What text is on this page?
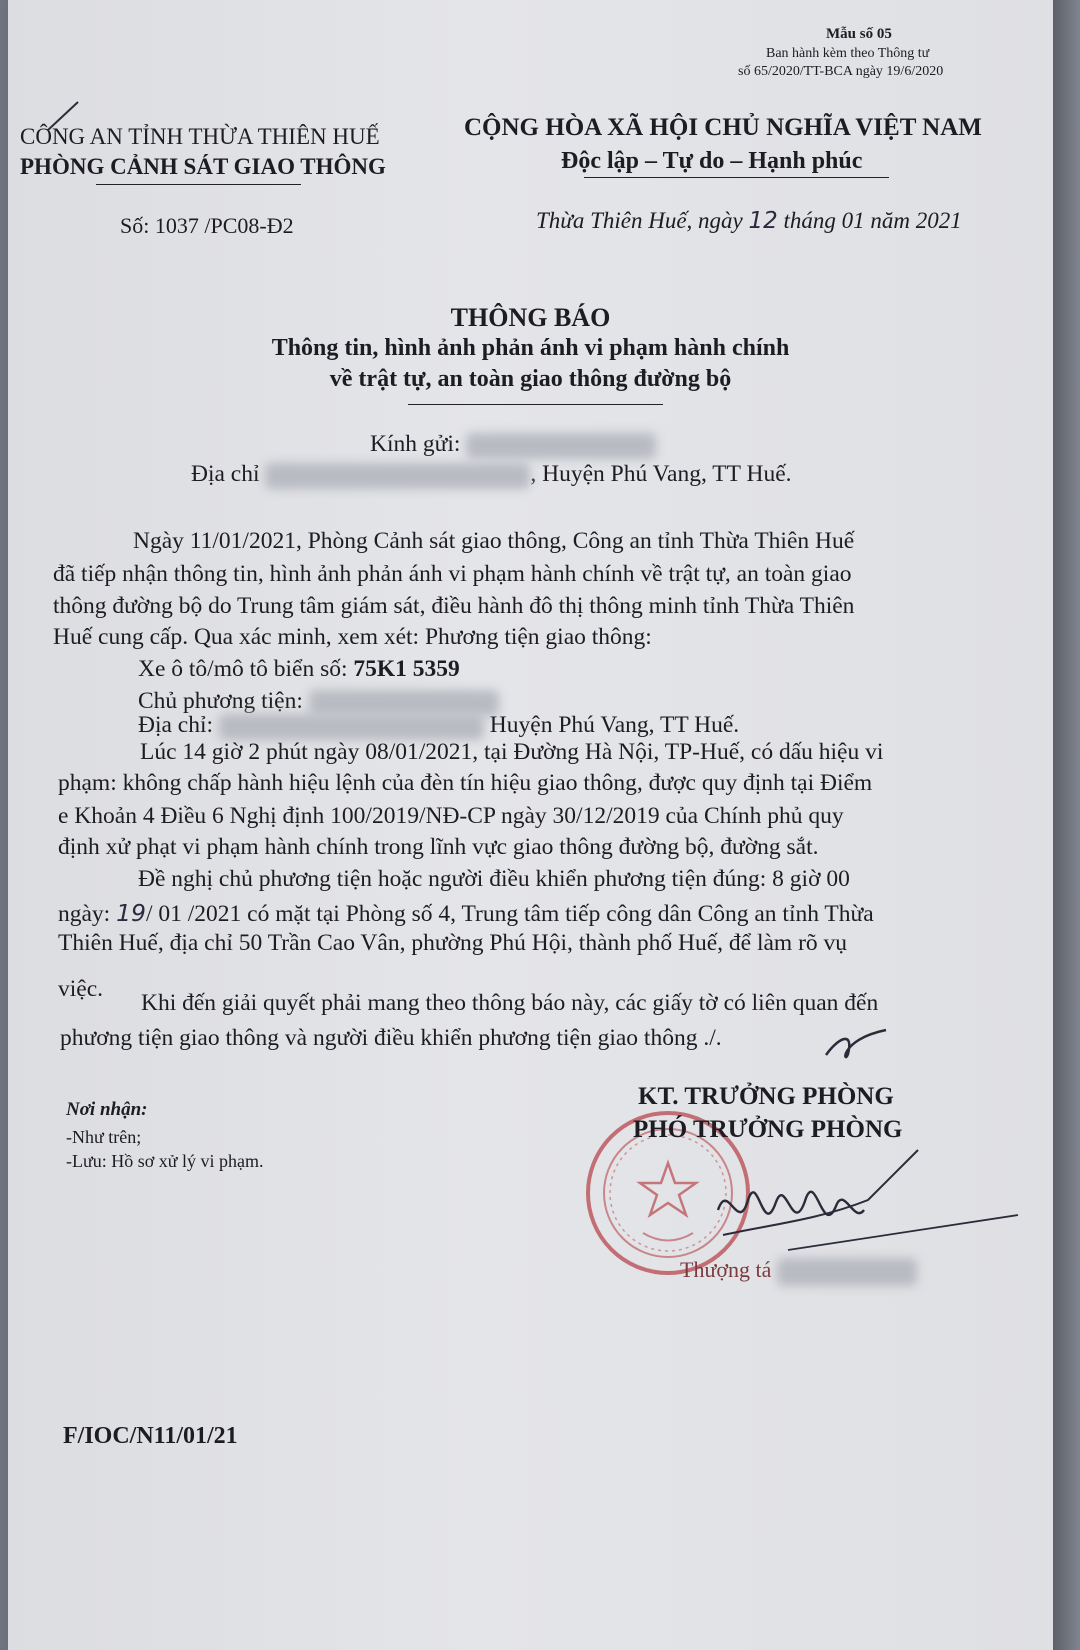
Mẫu số 05
Ban hành kèm theo Thông tư
số 65/2020/TT-BCA ngày 19/6/2020
CÔNG AN TỈNH THỪA THIÊN HUẾ
PHÒNG CẢNH SÁT GIAO THÔNG
CỘNG HÒA XÃ HỘI CHỦ NGHĨA VIỆT NAM
Độc lập – Tự do – Hạnh phúc
Số: 1037 /PC08-Đ2	Thừa Thiên Huế, ngày 12 tháng 01 năm 2021
THÔNG BÁO
Thông tin, hình ảnh phản ánh vi phạm hành chính
về trật tự, an toàn giao thông đường bộ
Kính gửi:
Địa chỉ	, Huyện Phú Vang, TT Huế.
Ngày 11/01/2021, Phòng Cảnh sát giao thông, Công an tỉnh Thừa Thiên Huế
đã tiếp nhận thông tin, hình ảnh phản ánh vi phạm hành chính về trật tự, an toàn giao
thông đường bộ do Trung tâm giám sát, điều hành đô thị thông minh tỉnh Thừa Thiên
Huế cung cấp. Qua xác minh, xem xét: Phương tiện giao thông:
Xe ô tô/mô tô biển số: 75K1 5359
Chủ phương tiện:
Địa chỉ:	Huyện Phú Vang, TT Huế.
Lúc 14 giờ 2 phút ngày 08/01/2021, tại Đường Hà Nội, TP-Huế, có dấu hiệu vi
phạm: không chấp hành hiệu lệnh của đèn tín hiệu giao thông, được quy định tại Điểm
e Khoản 4 Điều 6 Nghị định 100/2019/NĐ-CP ngày 30/12/2019 của Chính phủ quy
định xử phạt vi phạm hành chính trong lĩnh vực giao thông đường bộ, đường sắt.
Đề nghị chủ phương tiện hoặc người điều khiển phương tiện đúng: 8 giờ 00
ngày: 19/ 01 /2021 có mặt tại Phòng số 4, Trung tâm tiếp công dân Công an tỉnh Thừa
Thiên Huế, địa chỉ 50 Trần Cao Vân, phường Phú Hội, thành phố Huế, để làm rõ vụ
việc.
Khi đến giải quyết phải mang theo thông báo này, các giấy tờ có liên quan đến
phương tiện giao thông và người điều khiển phương tiện giao thông ./.
Nơi nhận:
-Như trên;
-Lưu: Hồ sơ xử lý vi phạm.
KT. TRƯỞNG PHÒNG
PHÓ TRƯỞNG PHÒNG
Thượng tá
F/IOC/N11/01/21
